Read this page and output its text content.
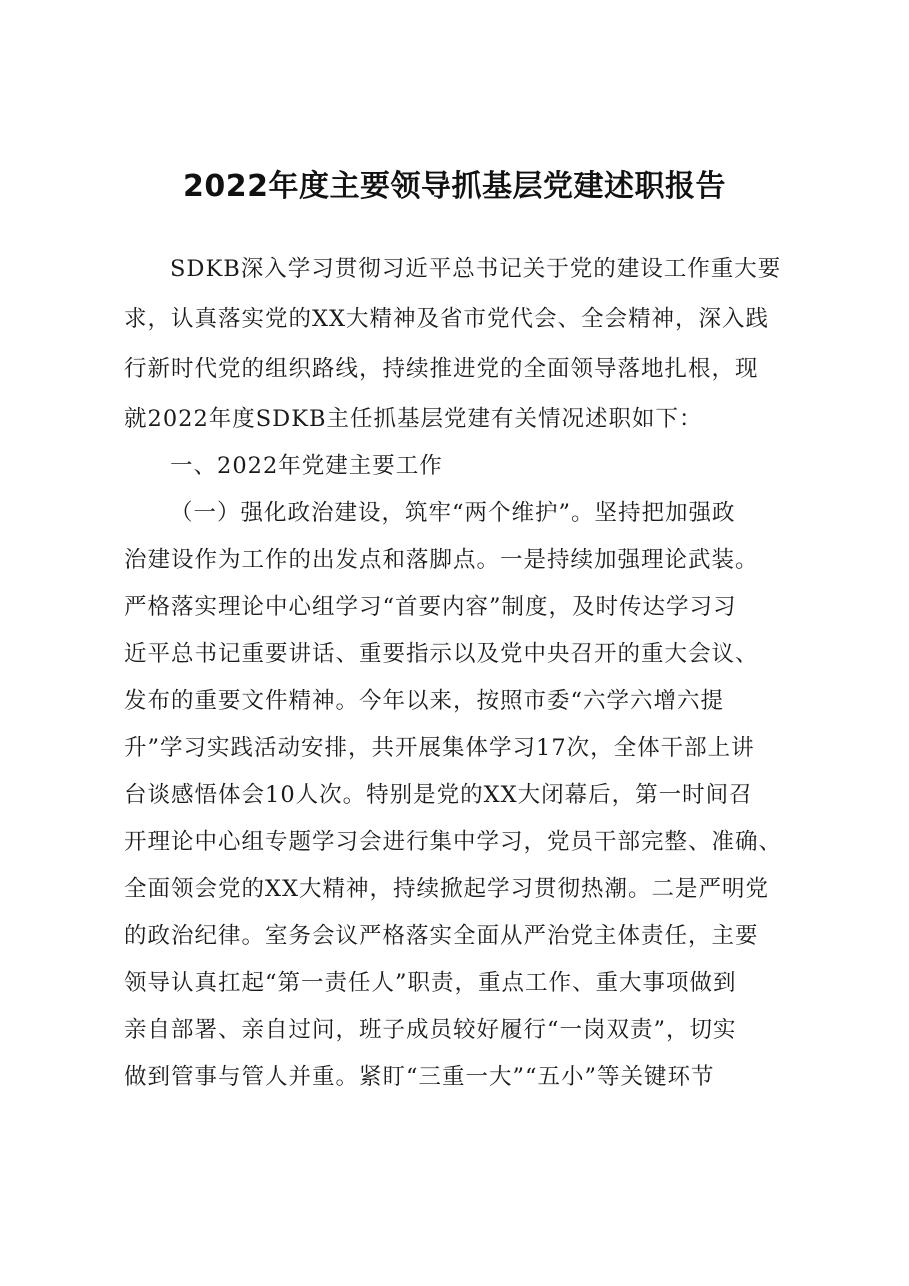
2022年度主要领导抓基层党建述职报告
SDKB深入学习贯彻习近平总书记关于党的建设工作重大要
求，认真落实党的XX大精神及省市党代会、全会精神，深入践
行新时代党的组织路线，持续推进党的全面领导落地扎根，现
就2022年度SDKB主任抓基层党建有关情况述职如下：
一、2022年党建主要工作
（一）强化政治建设，筑牢“两个维护”。坚持把加强政
治建设作为工作的出发点和落脚点。一是持续加强理论武装。
严格落实理论中心组学习“首要内容”制度，及时传达学习习
近平总书记重要讲话、重要指示以及党中央召开的重大会议、
发布的重要文件精神。今年以来，按照市委“六学六增六提
升”学习实践活动安排，共开展集体学习17次，全体干部上讲
台谈感悟体会10人次。特别是党的XX大闭幕后，第一时间召
开理论中心组专题学习会进行集中学习，党员干部完整、准确、
全面领会党的XX大精神，持续掀起学习贯彻热潮。二是严明党
的政治纪律。室务会议严格落实全面从严治党主体责任，主要
领导认真扛起“第一责任人”职责，重点工作、重大事项做到
亲自部署、亲自过问，班子成员较好履行“一岗双责”，切实
做到管事与管人并重。紧盯“三重一大”“五小”等关键环节
